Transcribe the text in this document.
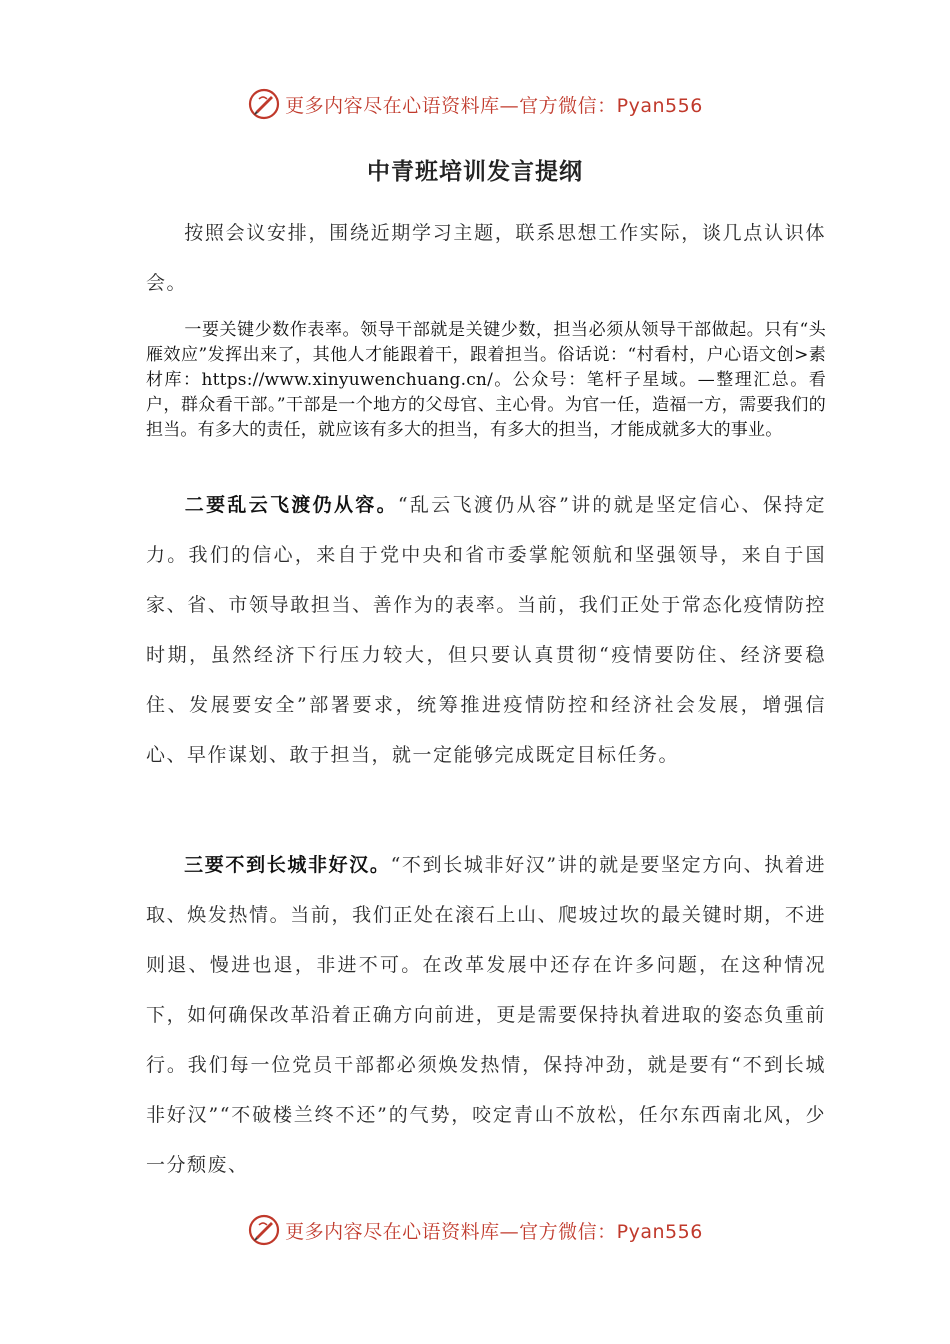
更多内容尽在心语资料库—官方微信：Pyan556
中青班培训发言提纲

按照会议安排，围绕近期学习主题，联系思想工作实际，谈几点认识体会。

一要关键少数作表率。领导干部就是关键少数，担当必须从领导干部做起。只有“头雁效应”发挥出来了，其他人才能跟着干，跟着担当。俗话说：“村看村，户心语文创>素材库：https://www.xinyuwenchuang.cn/。公众号：笔杆子星域。—整理汇总。看户，群众看干部。”干部是一个地方的父母官、主心骨。为官一任，造福一方，需要我们的担当。有多大的责任，就应该有多大的担当，有多大的担当，才能成就多大的事业。

二要乱云飞渡仍从容。“乱云飞渡仍从容”讲的就是坚定信心、保持定力。我们的信心，来自于党中央和省市委掌舵领航和坚强领导，来自于国家、省、市领导敢担当、善作为的表率。当前，我们正处于常态化疫情防控时期，虽然经济下行压力较大，但只要认真贯彻“疫情要防住、经济要稳住、发展要安全”部署要求，统筹推进疫情防控和经济社会发展，增强信心、早作谋划、敢于担当，就一定能够完成既定目标任务。

三要不到长城非好汉。“不到长城非好汉”讲的就是要坚定方向、执着进取、焕发热情。当前，我们正处在滚石上山、爬坡过坎的最关键时期，不进则退、慢进也退，非进不可。在改革发展中还存在许多问题，在这种情况下，如何确保改革沿着正确方向前进，更是需要保持执着进取的姿态负重前行。我们每一位党员干部都必须焕发热情，保持冲劲，就是要有“不到长城非好汉”“不破楼兰终不还”的气势，咬定青山不放松，任尔东西南北风，少一分颓废、

更多内容尽在心语资料库—官方微信：Pyan556
